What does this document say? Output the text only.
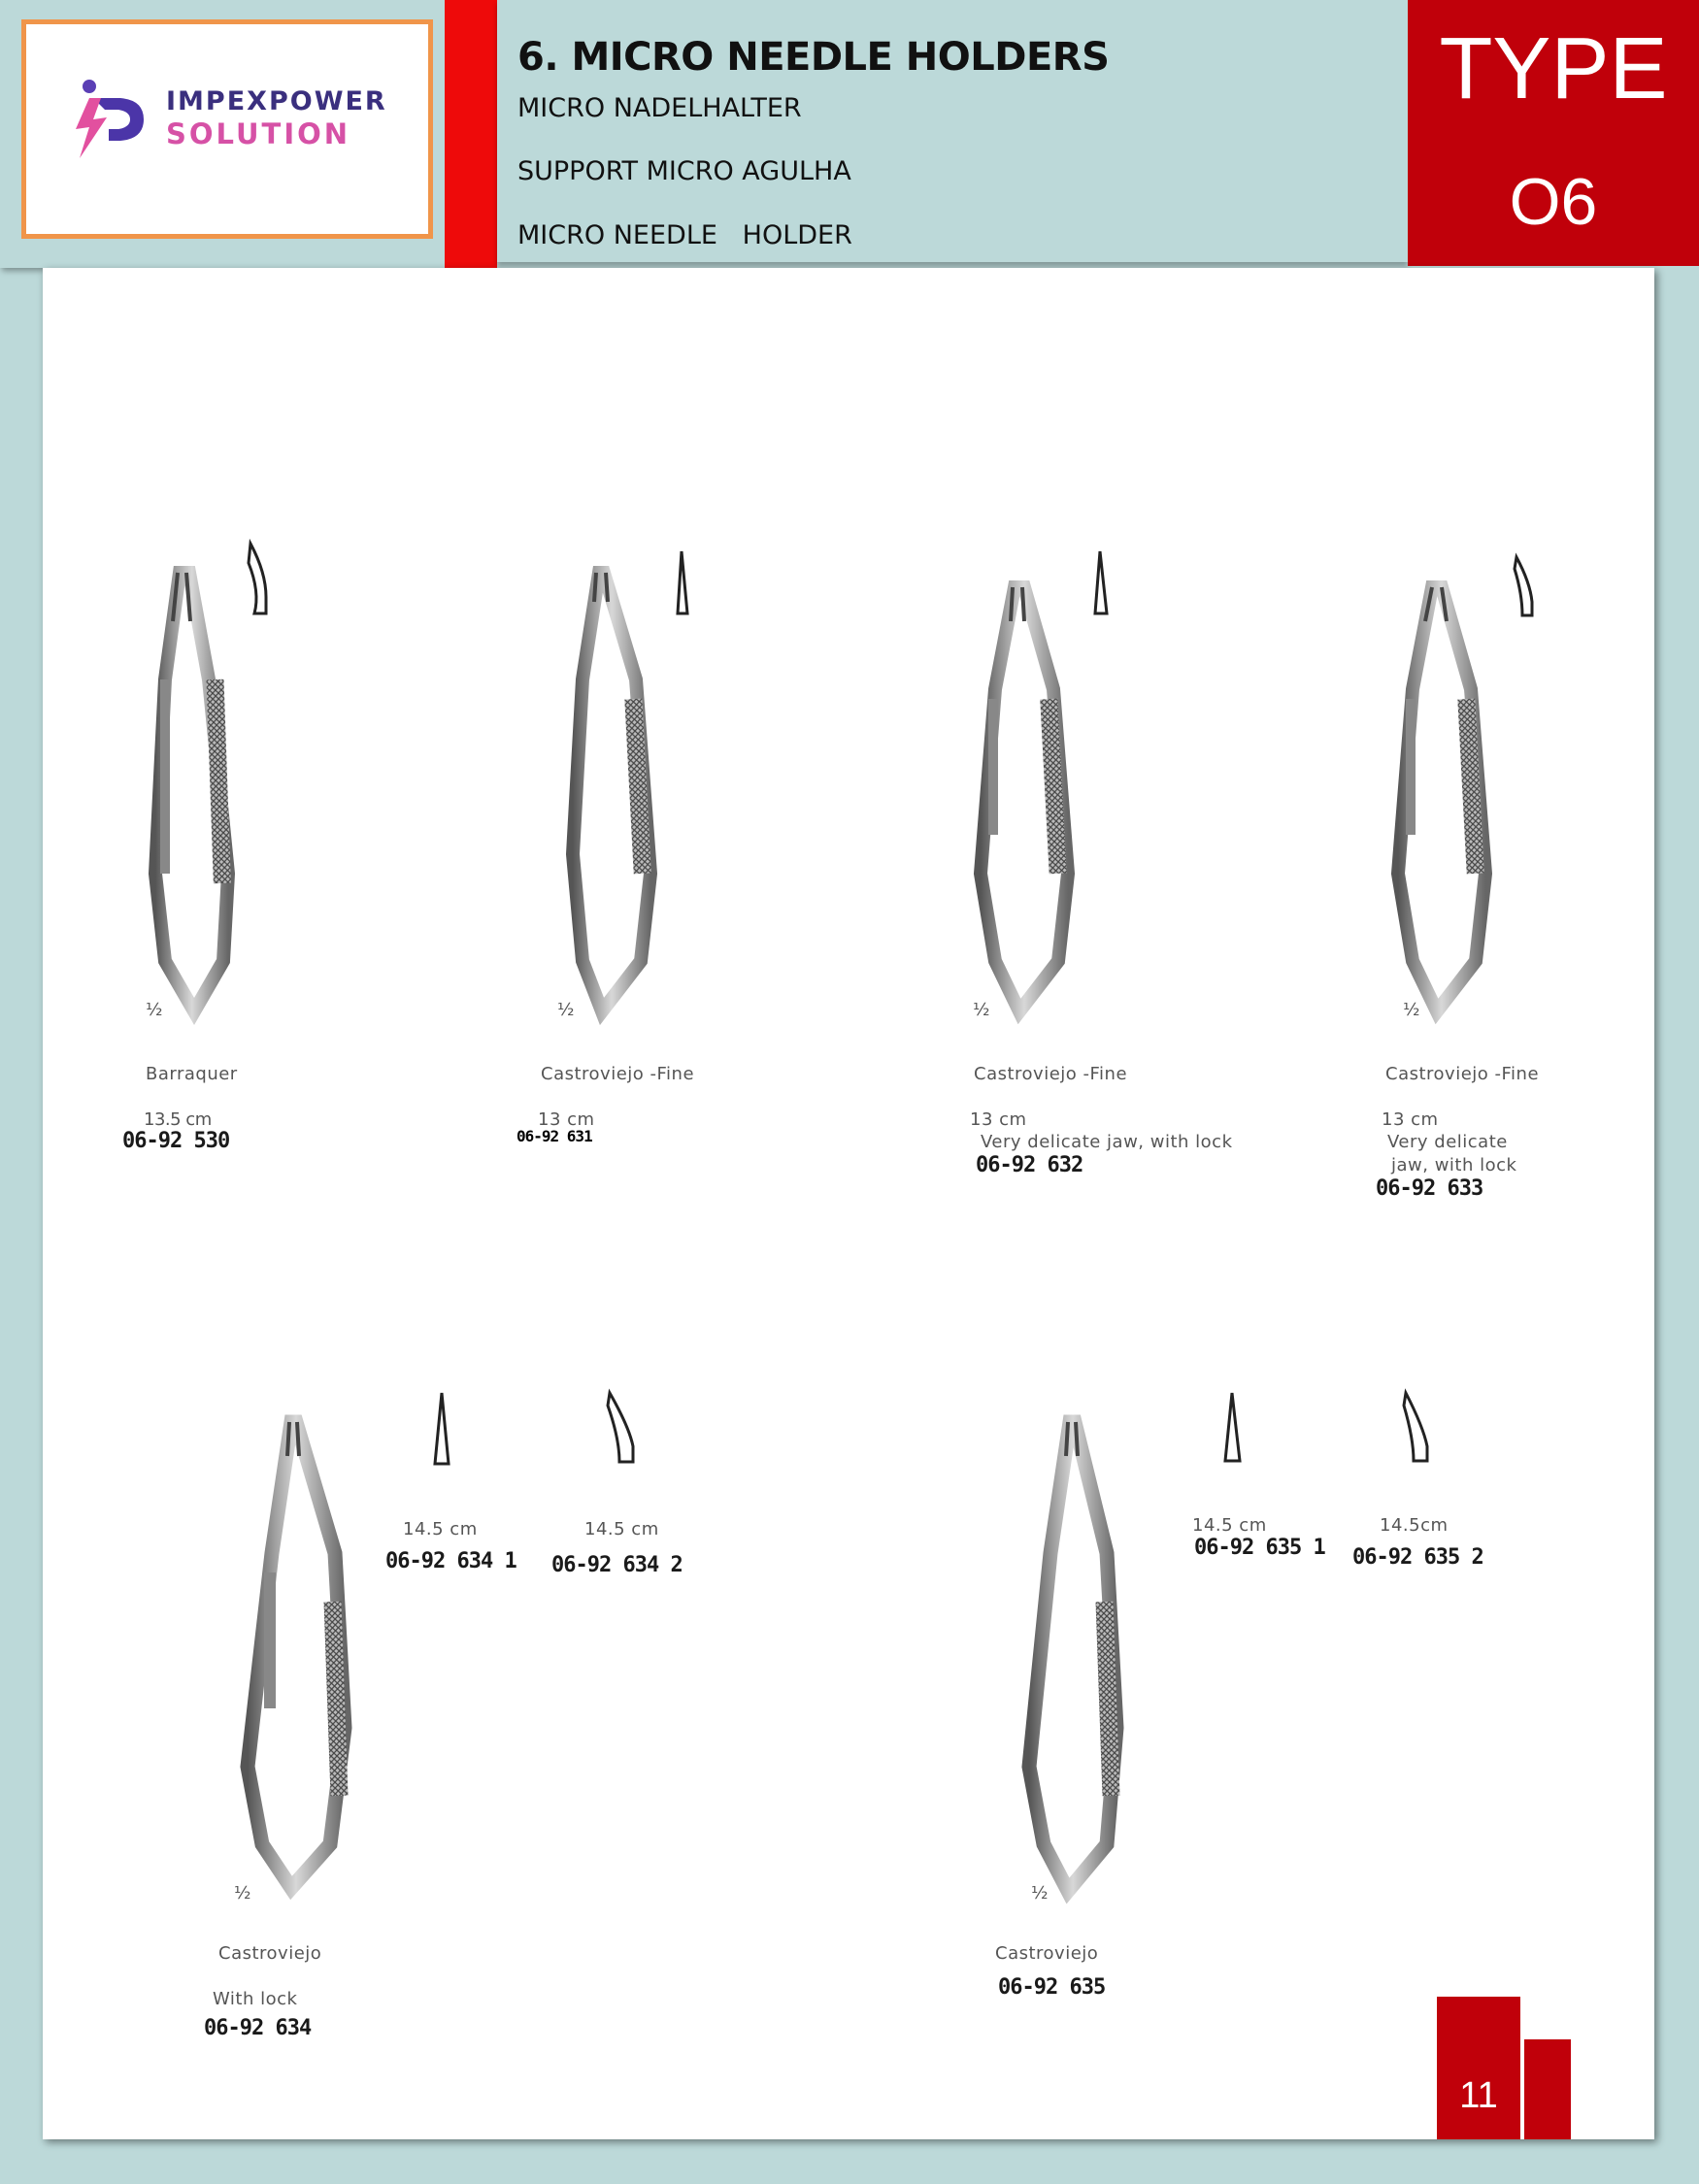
IMPEXPOWER
SOLUTION
6. MICRO NEEDLE HOLDERS
MICRO NADELHALTER
SUPPORT MICRO AGULHA
MICRO NEEDLE   HOLDER
TYPE
O6
½	½	½	½
½	½
Barraquer
13.5 cm
06-92 530
Castroviejo -Fine
13 cm
06-92 631
Castroviejo -Fine
13 cm
Very delicate jaw, with lock
06-92 632
Castroviejo -Fine
13 cm
Very delicate
jaw, with lock
06-92 633
14.5 cm
06-92 634 1
14.5 cm
06-92 634 2
Castroviejo
With lock
06-92 634
14.5 cm
06-92 635 1
14.5cm
06-92 635 2
Castroviejo
06-92 635
11
